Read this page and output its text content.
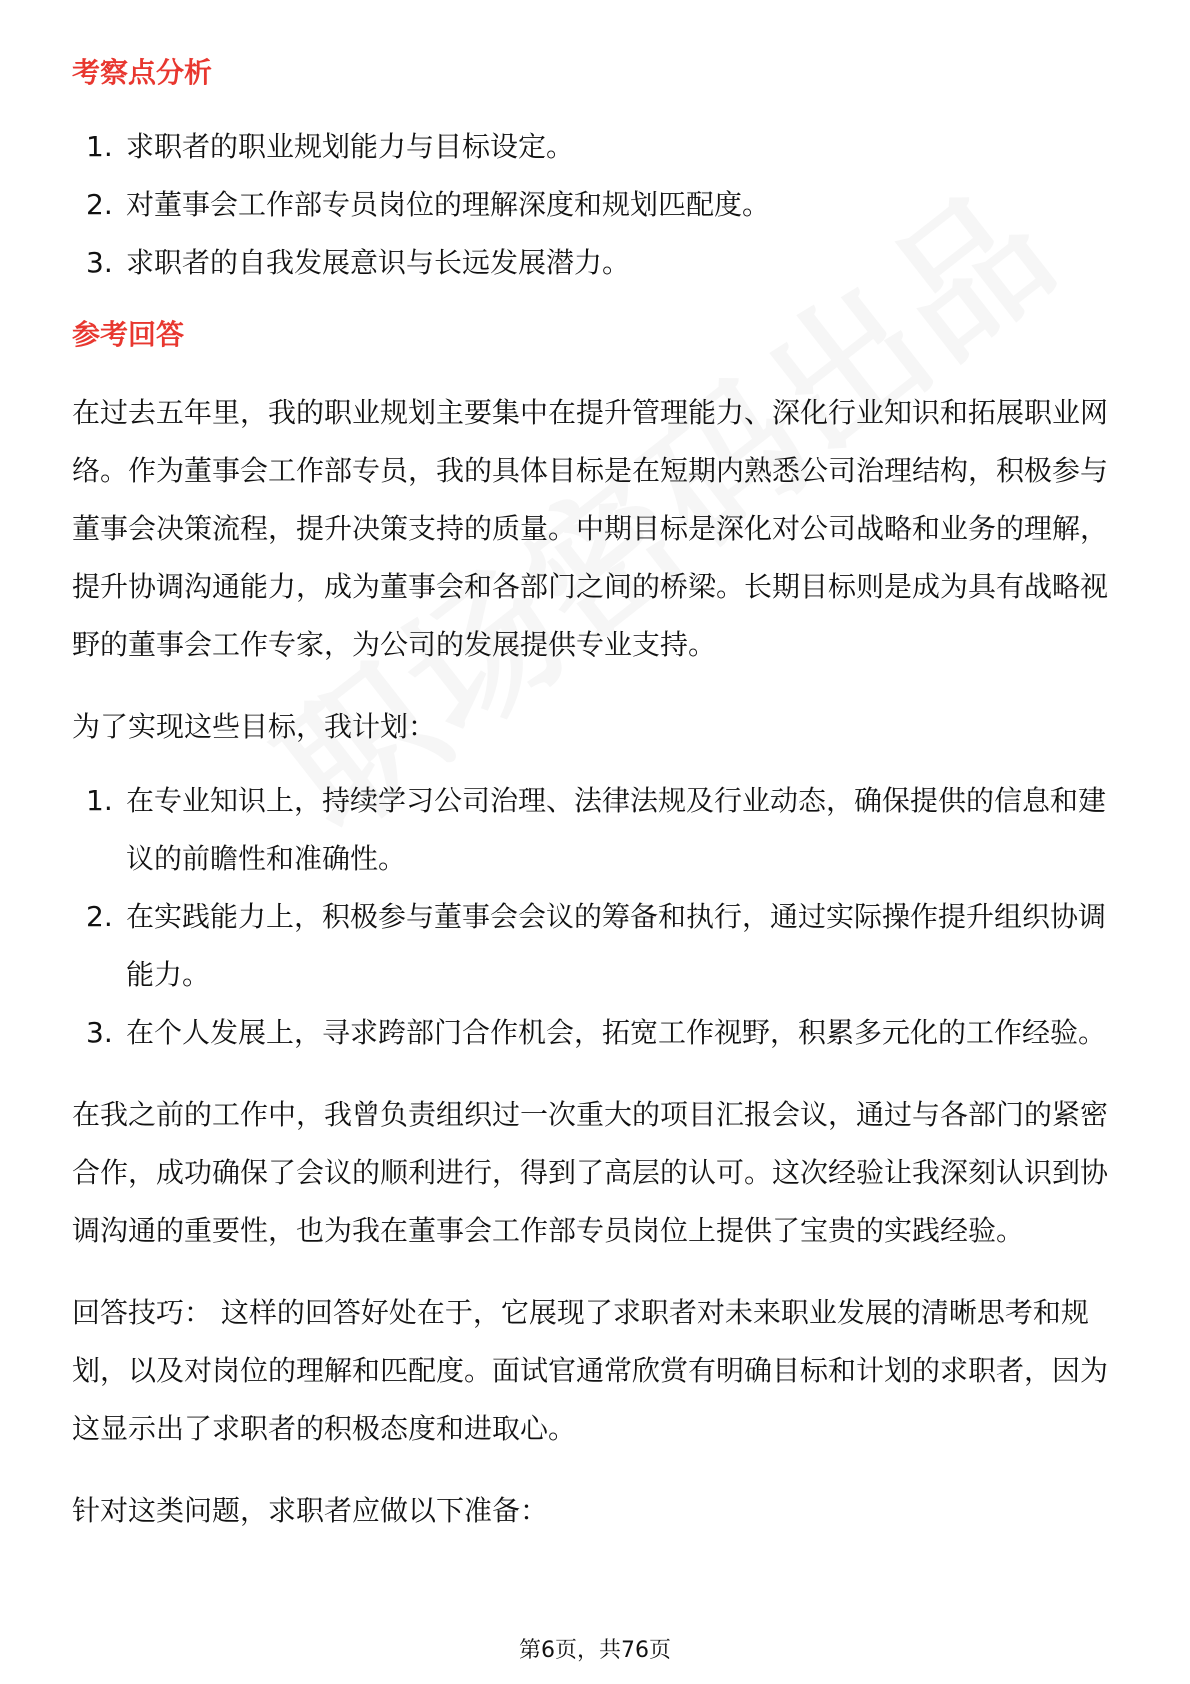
考察点分析
1. 求职者的职业规划能力与目标设定。
2. 对董事会工作部专员岗位的理解深度和规划匹配度。
3. 求职者的自我发展意识与长远发展潜力。
参考回答

在过去五年里，我的职业规划主要集中在提升管理能力、深化行业知识和拓展职业网络。作为董事会工作部专员，我的具体目标是在短期内熟悉公司治理结构，积极参与董事会决策流程，提升决策支持的质量。中期目标是深化对公司战略和业务的理解，提升协调沟通能力，成为董事会和各部门之间的桥梁。长期目标则是成为具有战略视野的董事会工作专家，为公司的发展提供专业支持。

为了实现这些目标，我计划：

1. 在专业知识上，持续学习公司治理、法律法规及行业动态，确保提供的信息和建议的前瞻性和准确性。
2. 在实践能力上，积极参与董事会会议的筹备和执行，通过实际操作提升组织协调能力。
3. 在个人发展上，寻求跨部门合作机会，拓宽工作视野，积累多元化的工作经验。

在我之前的工作中，我曾负责组织过一次重大的项目汇报会议，通过与各部门的紧密合作，成功确保了会议的顺利进行，得到了高层的认可。这次经验让我深刻认识到协调沟通的重要性，也为我在董事会工作部专员岗位上提供了宝贵的实践经验。

回答技巧： 这样的回答好处在于，它展现了求职者对未来职业发展的清晰思考和规划，以及对岗位的理解和匹配度。面试官通常欣赏有明确目标和计划的求职者，因为这显示出了求职者的积极态度和进取心。

针对这类问题，求职者应做以下准备：

第6页，共76页
